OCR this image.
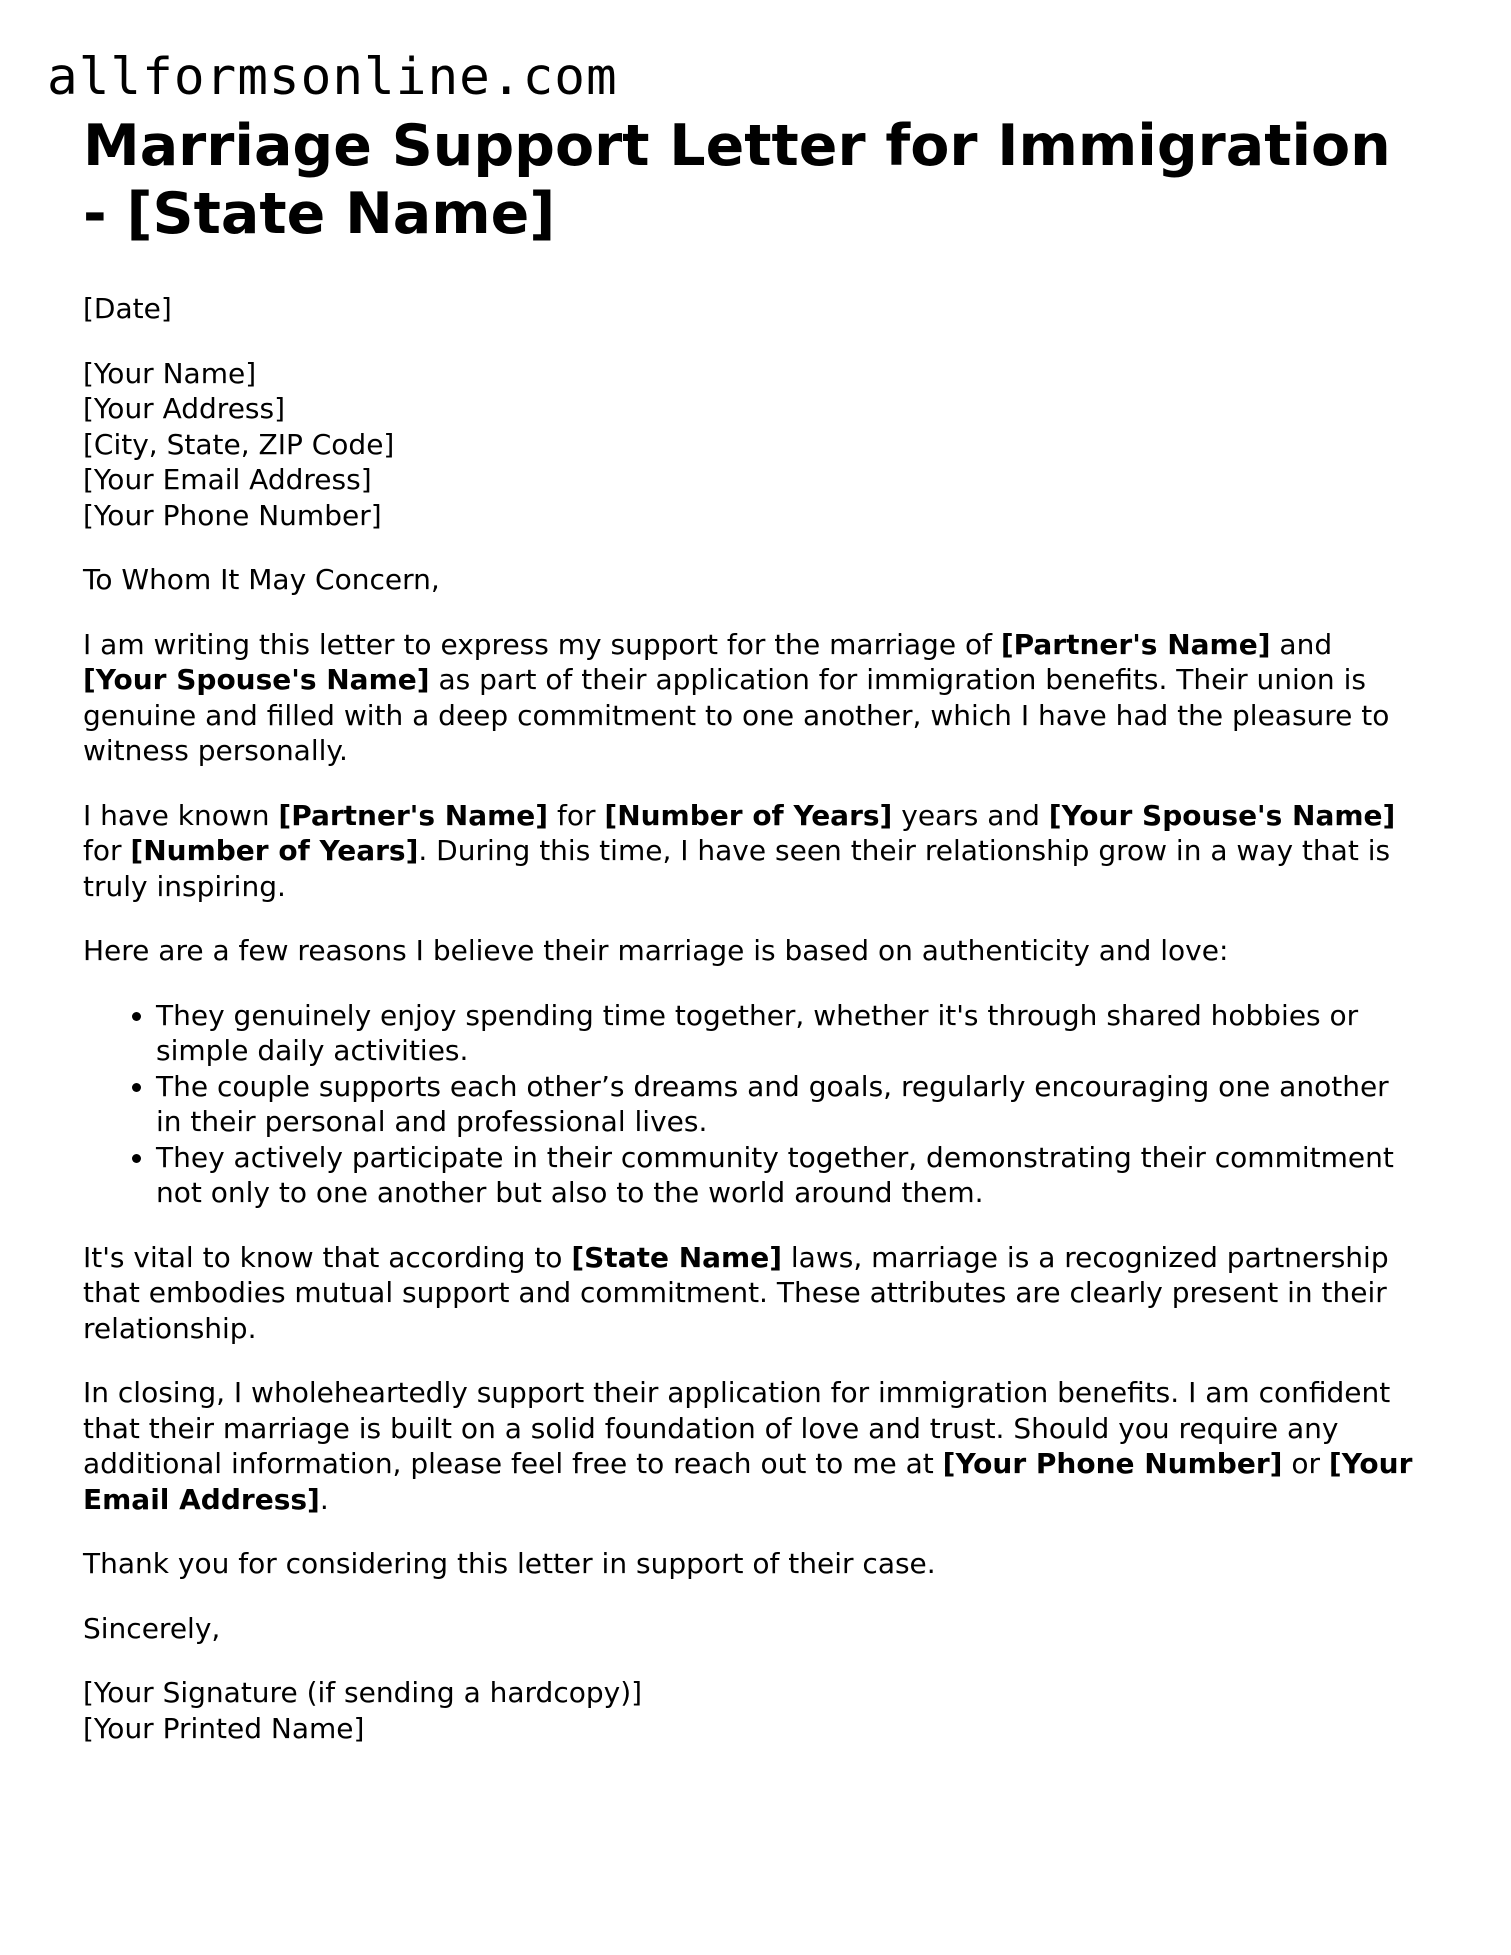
allformsonline.com
Marriage Support Letter for Immigration - [State Name]

[Date]

[Your Name]
[Your Address]
[City, State, ZIP Code]
[Your Email Address]
[Your Phone Number]

To Whom It May Concern,

I am writing this letter to express my support for the marriage of [Partner's Name] and [Your Spouse's Name] as part of their application for immigration benefits. Their union is genuine and filled with a deep commitment to one another, which I have had the pleasure to witness personally.

I have known [Partner's Name] for [Number of Years] years and [Your Spouse's Name] for [Number of Years]. During this time, I have seen their relationship grow in a way that is truly inspiring.

Here are a few reasons I believe their marriage is based on authenticity and love:

• They genuinely enjoy spending time together, whether it's through shared hobbies or simple daily activities.
• The couple supports each other’s dreams and goals, regularly encouraging one another in their personal and professional lives.
• They actively participate in their community together, demonstrating their commitment not only to one another but also to the world around them.

It's vital to know that according to [State Name] laws, marriage is a recognized partnership that embodies mutual support and commitment. These attributes are clearly present in their relationship.

In closing, I wholeheartedly support their application for immigration benefits. I am confident that their marriage is built on a solid foundation of love and trust. Should you require any additional information, please feel free to reach out to me at [Your Phone Number] or [Your Email Address].

Thank you for considering this letter in support of their case.

Sincerely,

[Your Signature (if sending a hardcopy)]
[Your Printed Name]
